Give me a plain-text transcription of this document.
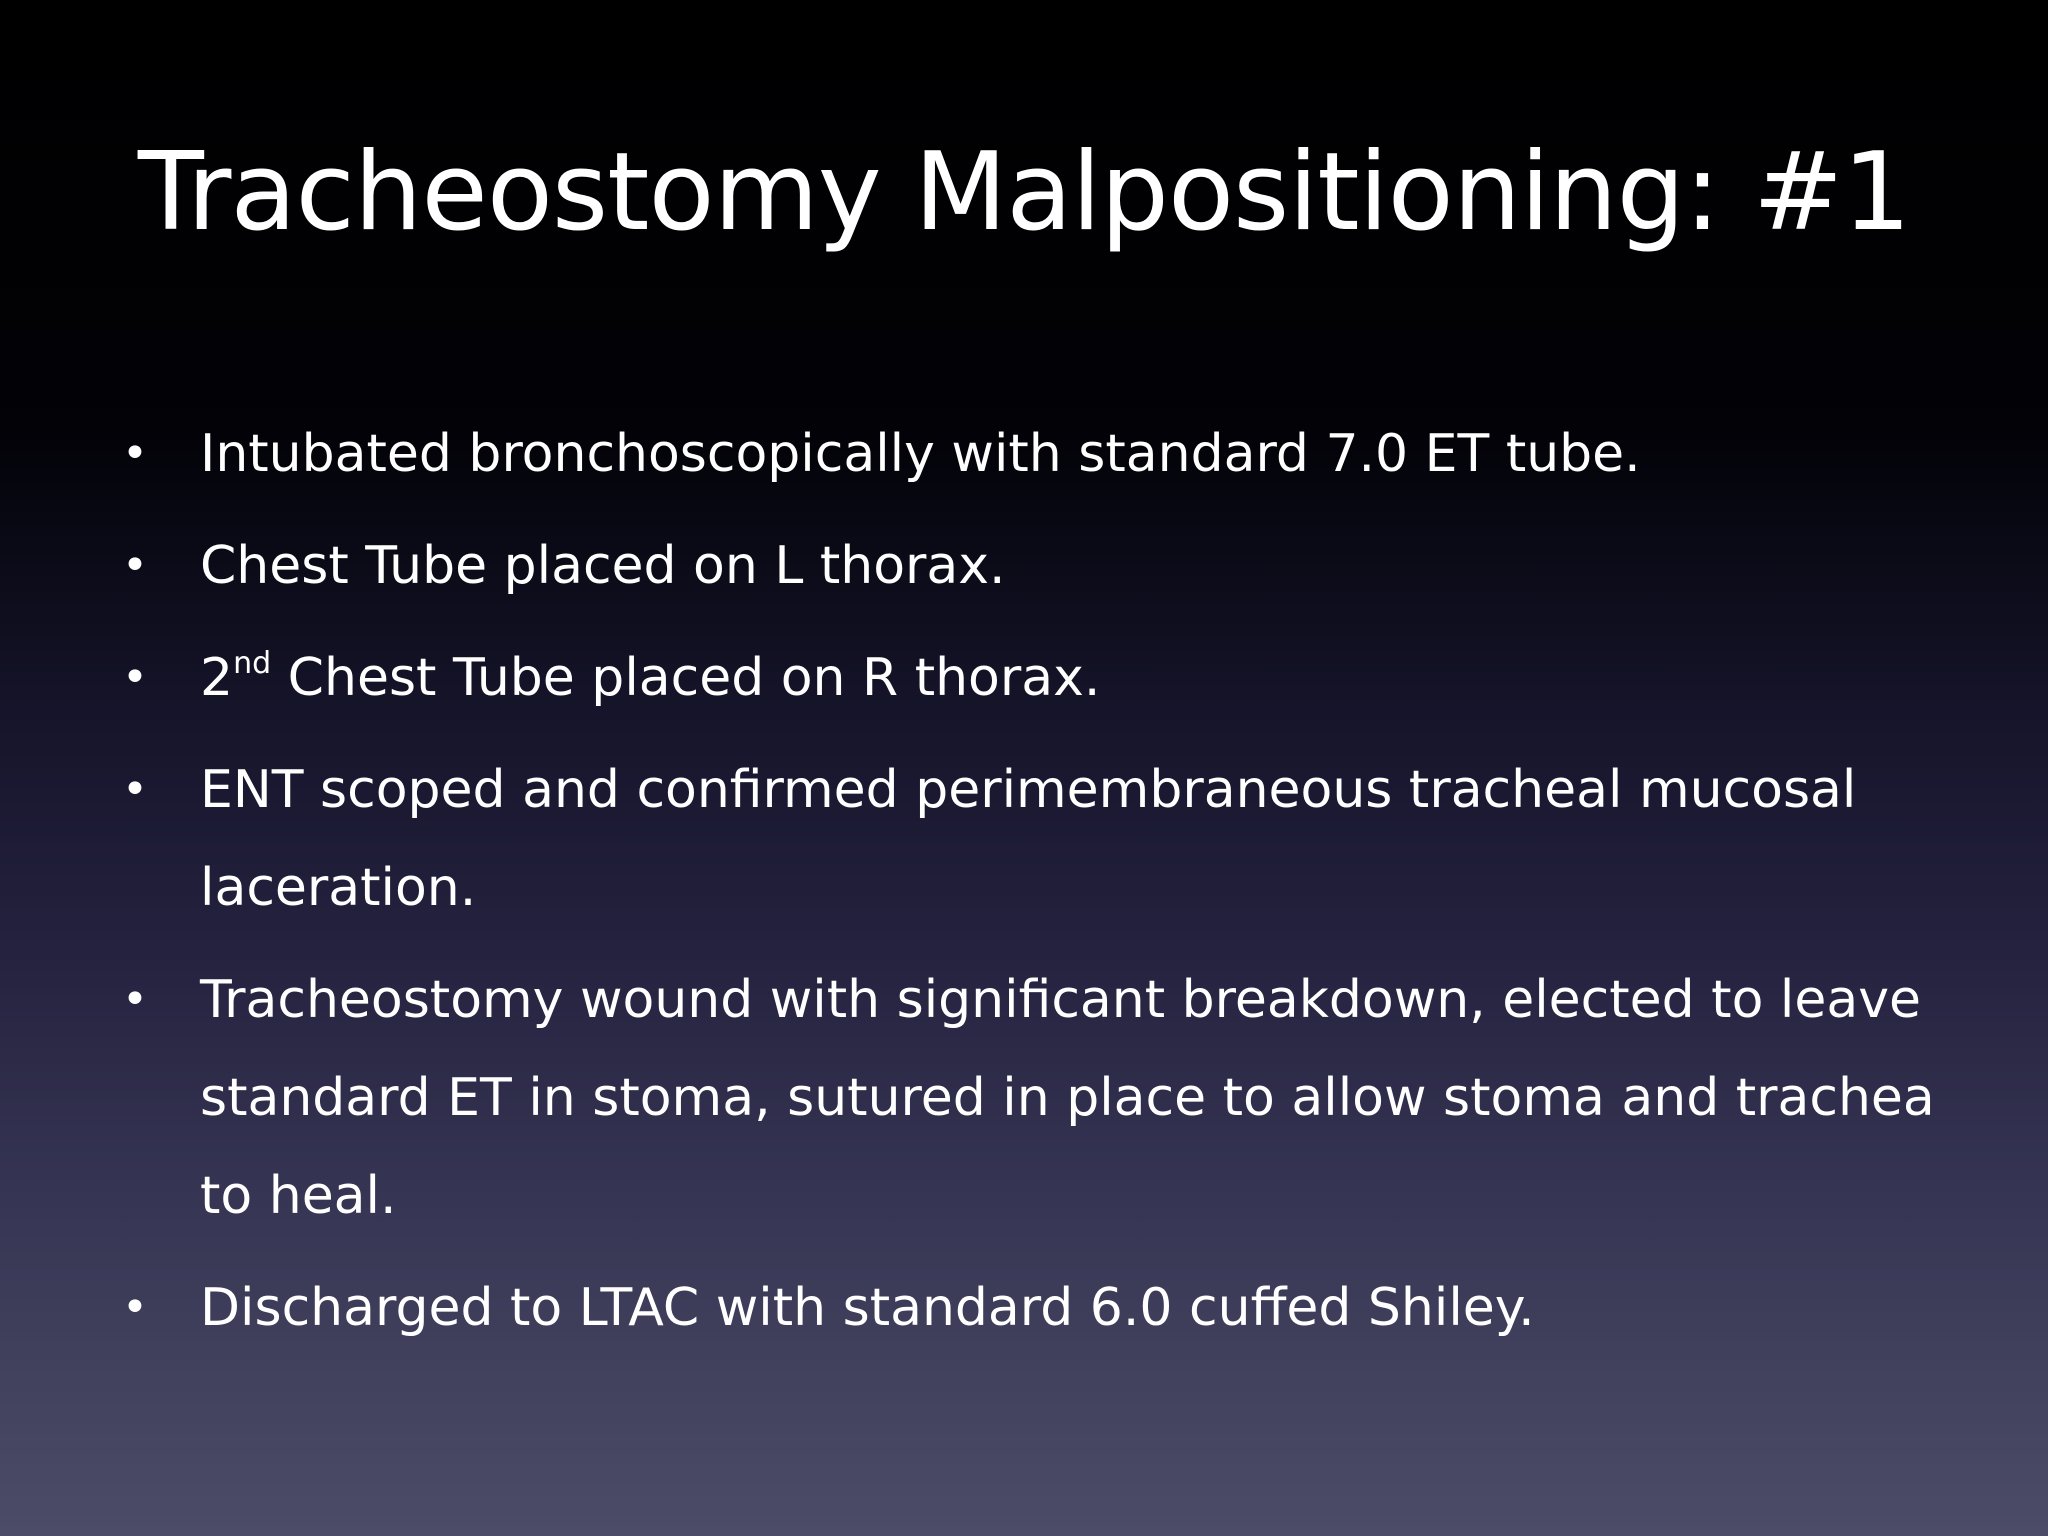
Tracheostomy Malpositioning: #1
• Intubated bronchoscopically with standard 7.0 ET tube.
• Chest Tube placed on L thorax.
• 2nd Chest Tube placed on R thorax.
• ENT scoped and confirmed perimembraneous tracheal mucosal laceration.
• Tracheostomy wound with significant breakdown, elected to leave standard ET in stoma, sutured in place to allow stoma and trachea to heal.
• Discharged to LTAC with standard 6.0 cuffed Shiley.
